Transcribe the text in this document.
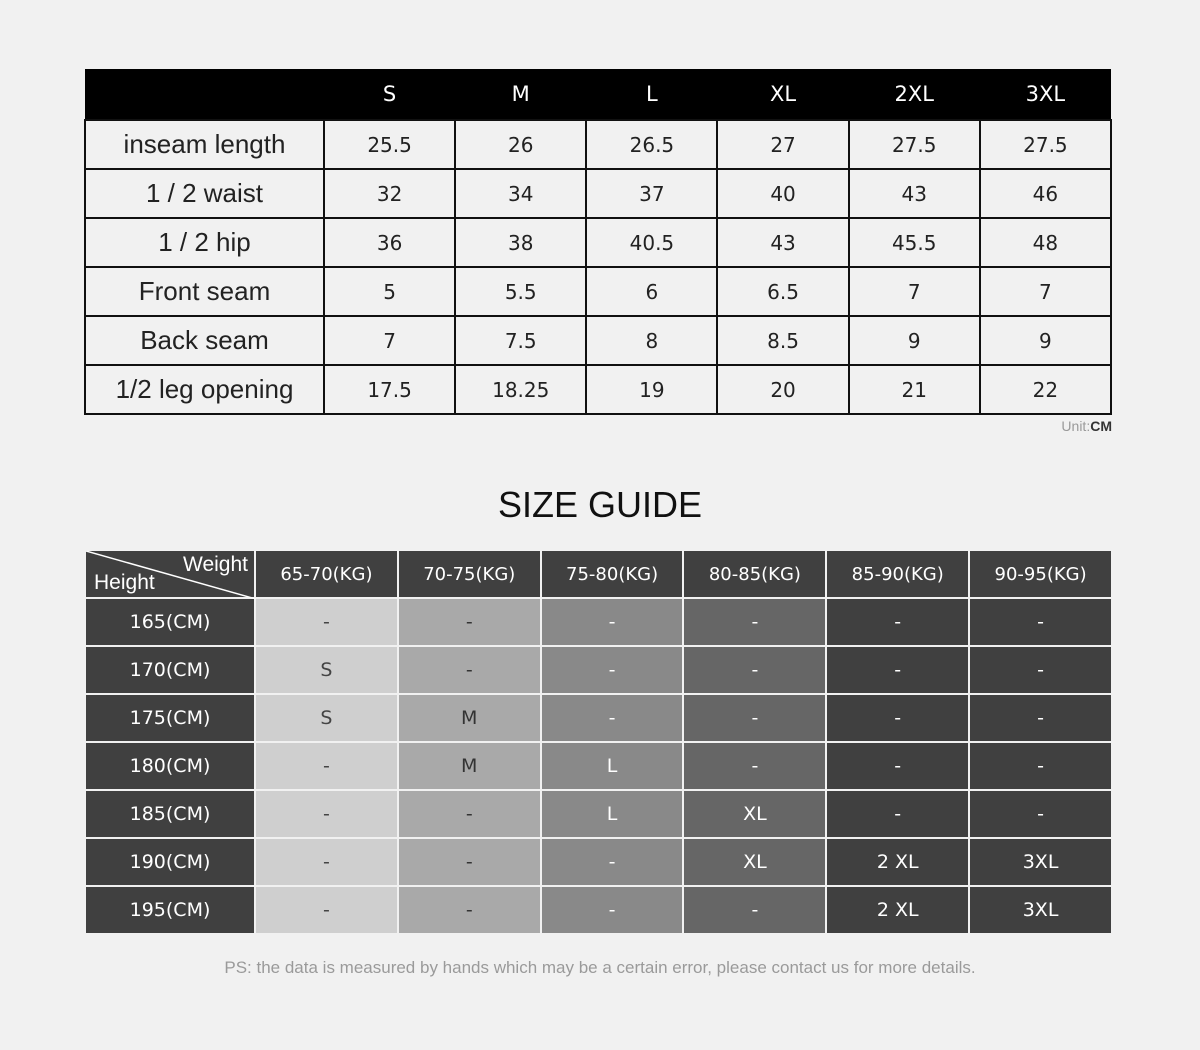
	S	M	L	XL	2XL	3XL
inseam length	25.5	26	26.5	27	27.5	27.5
1 / 2 waist	32	34	37	40	43	46
1 / 2 hip	36	38	40.5	43	45.5	48
Front seam	5	5.5	6	6.5	7	7
Back seam	7	7.5	8	8.5	9	9
1/2 leg opening	17.5	18.25	19	20	21	22
Unit:CM
SIZE GUIDE
Weight
Height	65-70(KG)	70-75(KG)	75-80(KG)	80-85(KG)	85-90(KG)	90-95(KG)
165(CM)	-	-	-	-	-	-
170(CM)	S	-	-	-	-	-
175(CM)	S	M	-	-	-	-
180(CM)	-	M	L	-	-	-
185(CM)	-	-	L	XL	-	-
190(CM)	-	-	-	XL	2 XL	3XL
195(CM)	-	-	-	-	2 XL	3XL
PS: the data is measured by hands which may be a certain error, please contact us for more details.
